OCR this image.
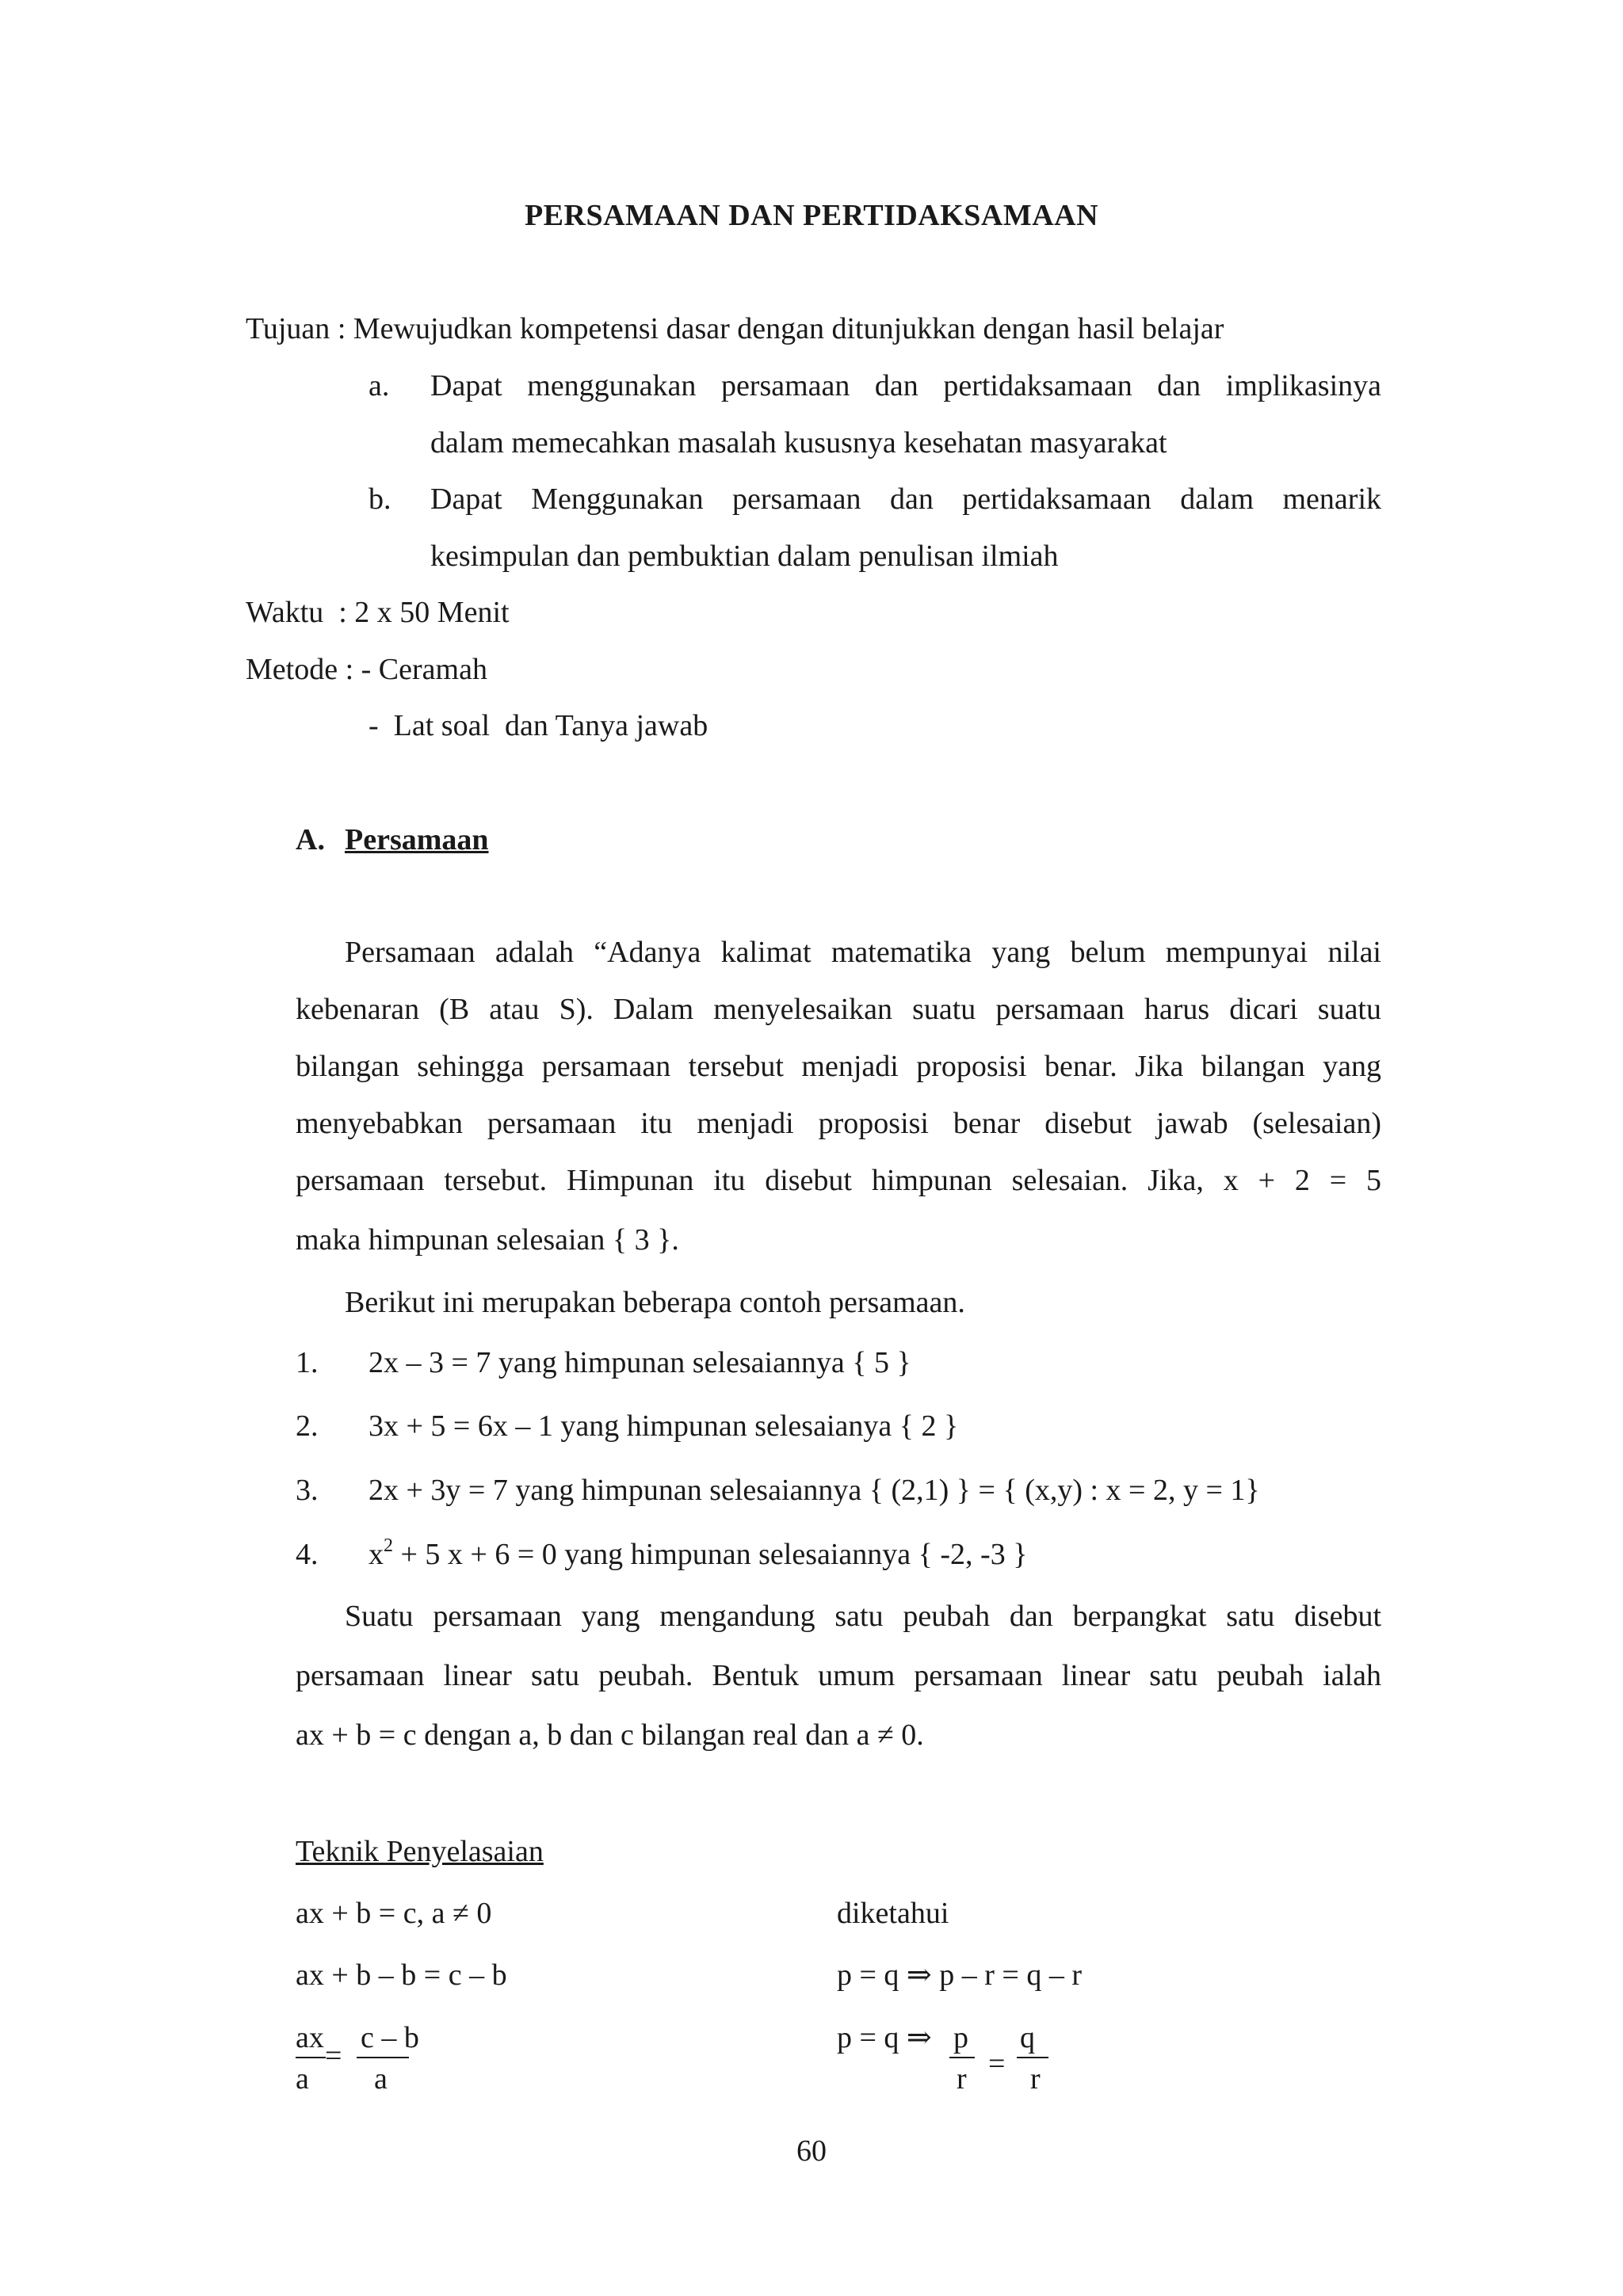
PERSAMAAN DAN PERTIDAKSAMAAN
Tujuan : Mewujudkan kompetensi dasar dengan ditunjukkan dengan hasil belajar
a. Dapat menggunakan persamaan dan pertidaksamaan dan implikasinya
dalam memecahkan masalah kususnya kesehatan masyarakat
b. Dapat Menggunakan persamaan dan pertidaksamaan dalam menarik
kesimpulan dan pembuktian dalam penulisan ilmiah
Waktu  : 2 x 50 Menit
Metode : - Ceramah
-  Lat soal  dan Tanya jawab
A. Persamaan
Persamaan adalah “Adanya kalimat matematika yang belum mempunyai nilai
kebenaran (B atau S). Dalam menyelesaikan suatu persamaan harus dicari suatu
bilangan sehingga persamaan tersebut menjadi proposisi benar. Jika bilangan yang
menyebabkan persamaan itu menjadi proposisi benar disebut jawab (selesaian)
persamaan tersebut. Himpunan itu disebut himpunan selesaian. Jika, x + 2 = 5
maka himpunan selesaian { 3 }.
Berikut ini merupakan beberapa contoh persamaan.
1. 2x – 3 = 7 yang himpunan selesaiannya { 5 }
2. 3x + 5 = 6x – 1 yang himpunan selesaianya { 2 }
3. 2x + 3y = 7 yang himpunan selesaiannya { (2,1) } = { (x,y) : x = 2, y = 1}
4. $x^2 + 5$ x + 6 = 0 yang himpunan selesaiannya { -2, -3 }
Suatu persamaan yang mengandung satu peubah dan berpangkat satu disebut
persamaan linear satu peubah. Bentuk umum persamaan linear satu peubah ialah
ax + b = c dengan a, b dan c bilangan real dan a ≠ 0.
Teknik Penyelasaian
ax + b = c, a ≠ 0	diketahui
ax + b – b = c – b	p = q ⇒ p – r = q – r
ax
a
=
c – b
a
p = q ⇒ p
r =
q
r
60
